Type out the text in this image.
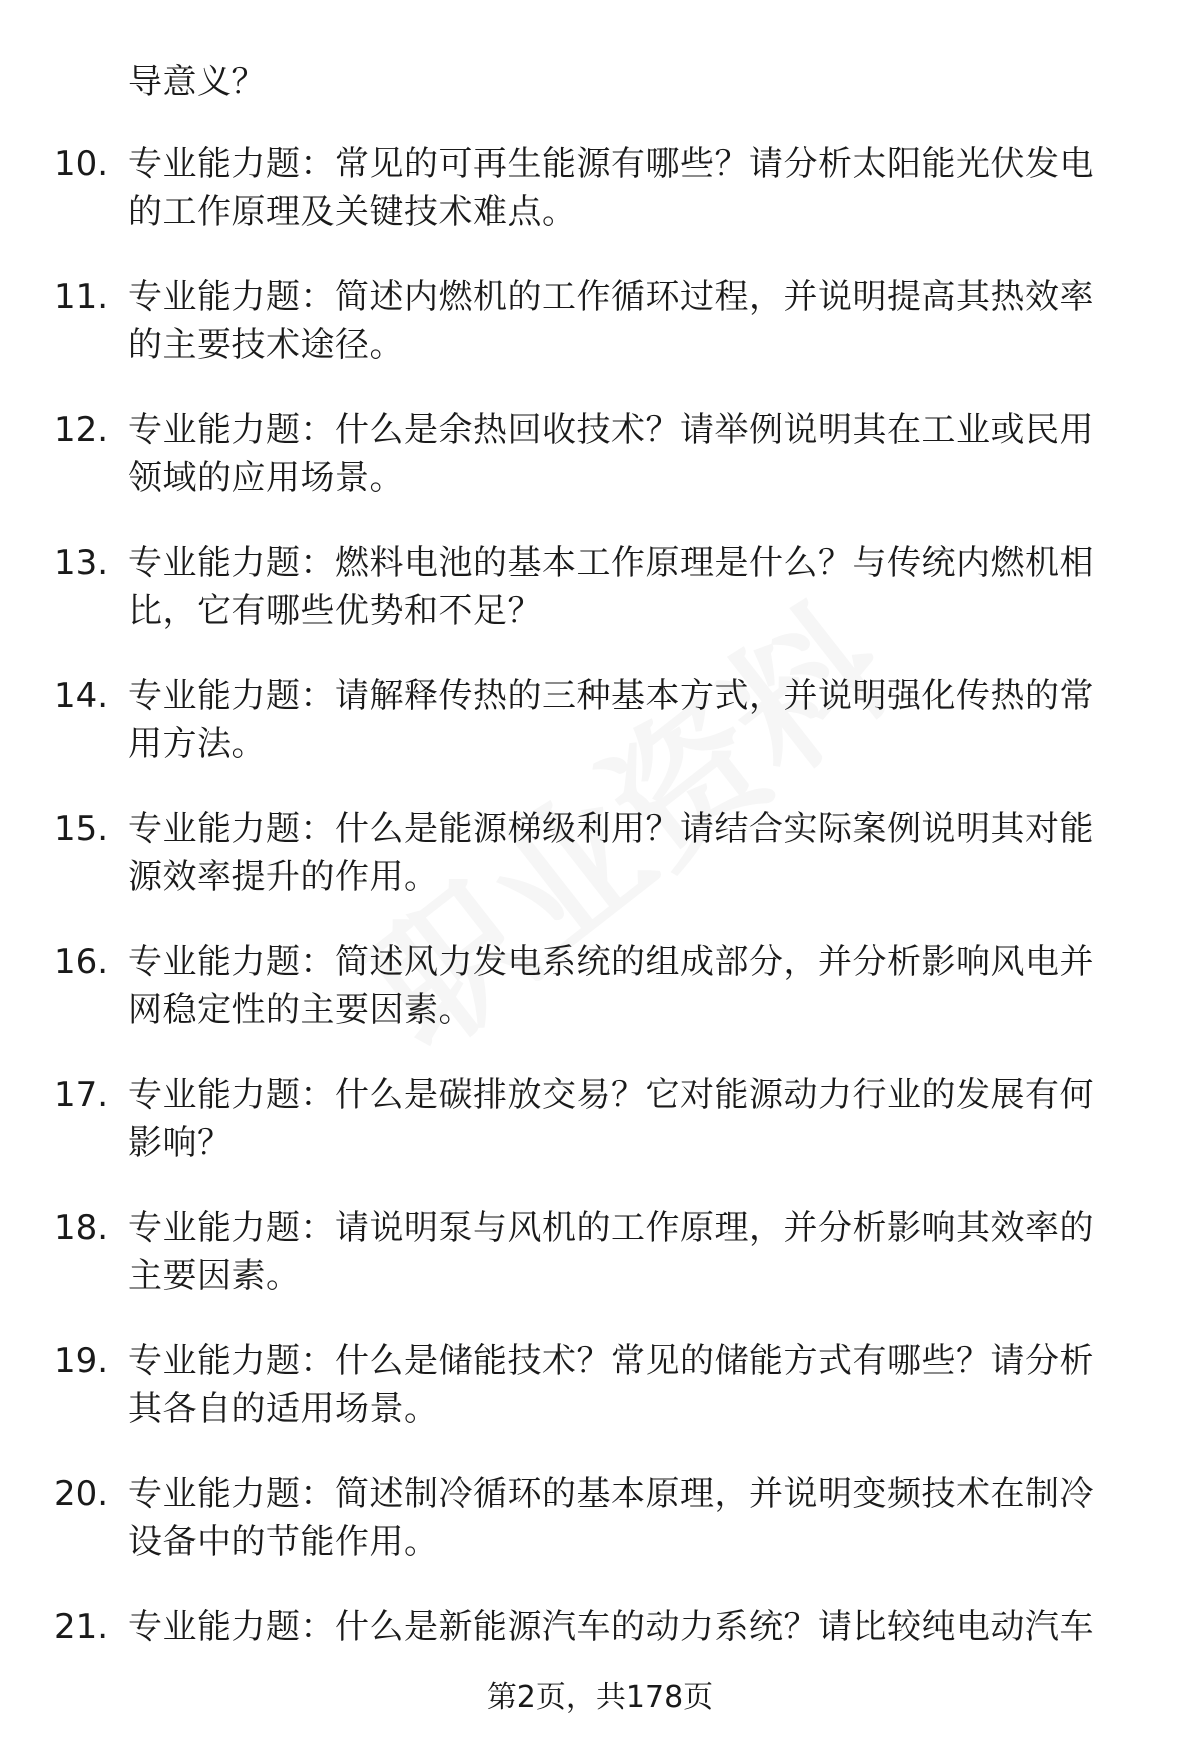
导意义？
10. 专业能力题：常见的可再生能源有哪些？请分析太阳能光伏发电
的工作原理及关键技术难点。
11. 专业能力题：简述内燃机的工作循环过程，并说明提高其热效率
的主要技术途径。
12. 专业能力题：什么是余热回收技术？请举例说明其在工业或民用
领域的应用场景。
13. 专业能力题：燃料电池的基本工作原理是什么？与传统内燃机相
比，它有哪些优势和不足？
14. 专业能力题：请解释传热的三种基本方式，并说明强化传热的常
用方法。
15. 专业能力题：什么是能源梯级利用？请结合实际案例说明其对能
源效率提升的作用。
16. 专业能力题：简述风力发电系统的组成部分，并分析影响风电并
网稳定性的主要因素。
17. 专业能力题：什么是碳排放交易？它对能源动力行业的发展有何
影响？
18. 专业能力题：请说明泵与风机的工作原理，并分析影响其效率的
主要因素。
19. 专业能力题：什么是储能技术？常见的储能方式有哪些？请分析
其各自的适用场景。
20. 专业能力题：简述制冷循环的基本原理，并说明变频技术在制冷
设备中的节能作用。
21. 专业能力题：什么是新能源汽车的动力系统？请比较纯电动汽车
第2页，共178页
